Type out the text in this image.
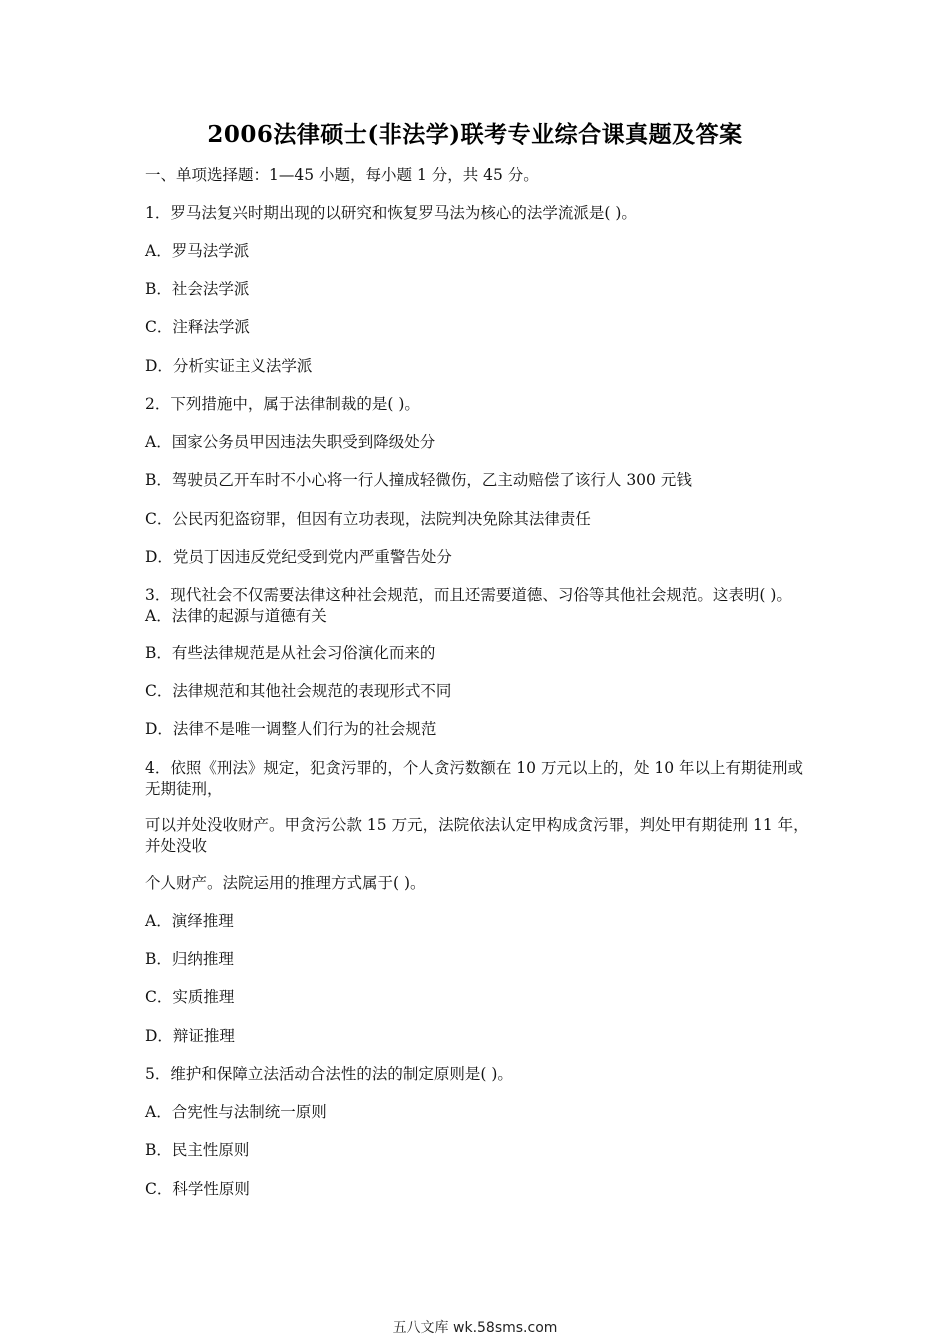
2006法律硕士(非法学)联考专业综合课真题及答案
一、单项选择题：1—45 小题，每小题 1 分，共 45 分。
1．罗马法复兴时期出现的以研究和恢复罗马法为核心的法学流派是( )。
A．罗马法学派
B．社会法学派
C．注释法学派
D．分析实证主义法学派
2．下列措施中，属于法律制裁的是( )。
A．国家公务员甲因违法失职受到降级处分
B．驾驶员乙开车时不小心将一行人撞成轻微伤，乙主动赔偿了该行人 300 元钱
C．公民丙犯盗窃罪，但因有立功表现，法院判决免除其法律责任
D．党员丁因违反党纪受到党内严重警告处分
3．现代社会不仅需要法律这种社会规范，而且还需要道德、习俗等其他社会规范。这表明( )。A．法律的起源与道德有关
B．有些法律规范是从社会习俗演化而来的
C．法律规范和其他社会规范的表现形式不同
D．法律不是唯一调整人们行为的社会规范
4．依照《刑法》规定，犯贪污罪的，个人贪污数额在 10 万元以上的，处 10 年以上有期徒刑或无期徒刑，
可以并处没收财产。甲贪污公款 15 万元，法院依法认定甲构成贪污罪，判处甲有期徒刑 11 年，并处没收
个人财产。法院运用的推理方式属于( )。
A．演绎推理
B．归纳推理
C．实质推理
D．辩证推理
5．维护和保障立法活动合法性的法的制定原则是( )。
A．合宪性与法制统一原则
B．民主性原则
C．科学性原则
五八文库 wk.58sms.com
